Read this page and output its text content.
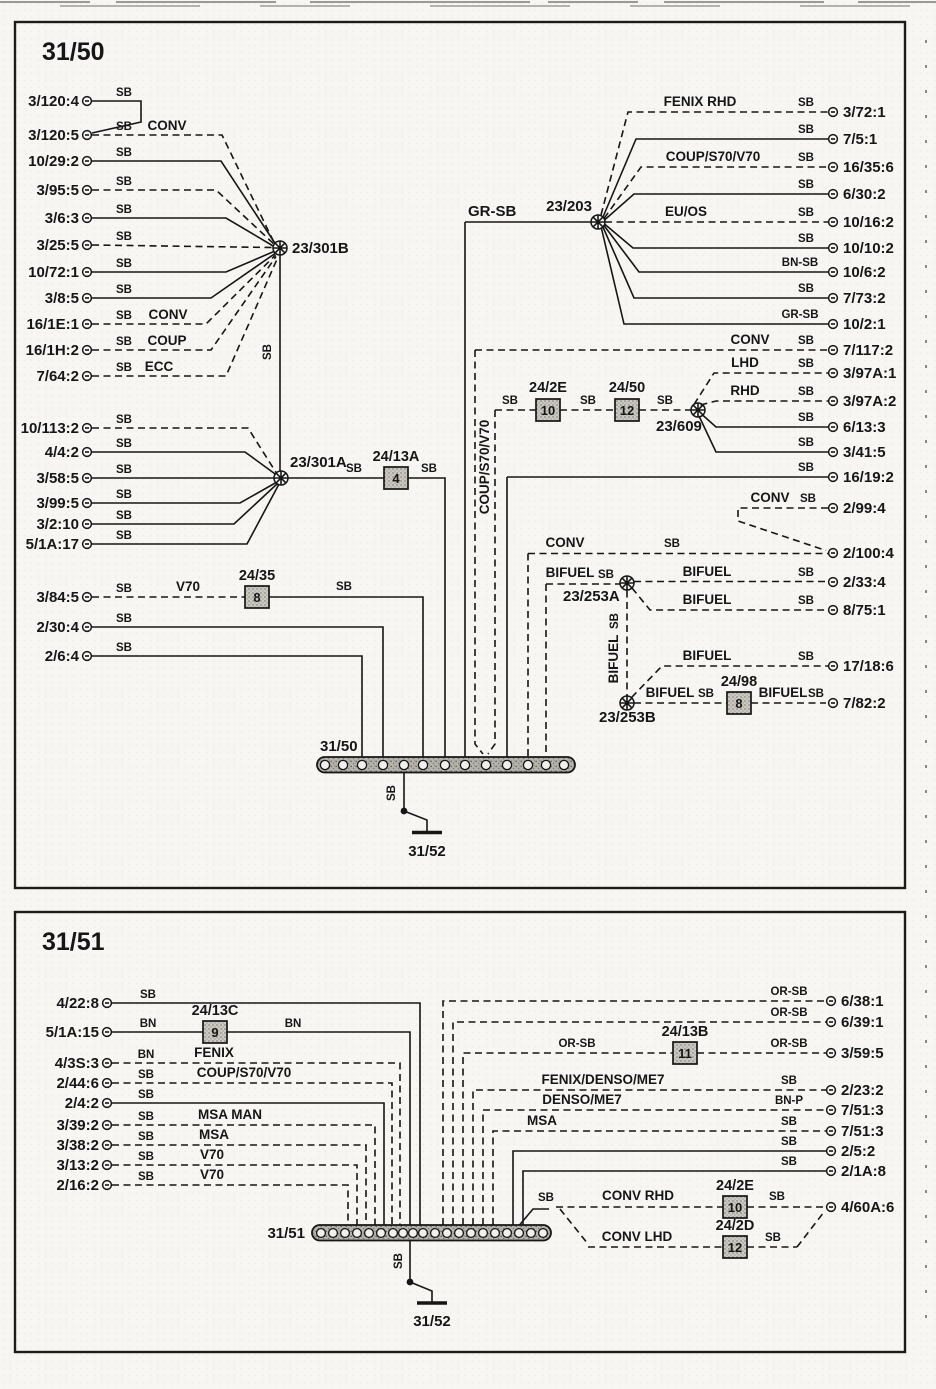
31/50
3/120:4	SB
3/120:5	SB CONV
10/29:2	SB
3/95:5	SB
3/6:3	SB
3/25:5	SB
10/72:1	SB
3/8:5	SB
16/1E:1	SB CONV
16/1H:2	SB COUP
7/64:2	SB ECC
10/113:2	SB
4/4:2	SB
3/58:5	SB
3/99:5	SB
3/2:10	SB
5/1A:17	SB
3/84:5	SB	V70
2/30:4	SB
2/6:4	SB
23/301B
23/301A
23/203
23/609
23/253A
23/253B
SB
COUP/S70/V70
SB
BIFUEL
GR-SB
FENIX RHD	SB
SB
COUP/S70/V70	SB
SB
EU/OS	SB
SB
BN-SB
SB
GR-SB
CONV SB
LHD	SB
RHD	SB
SB
SB
SB
CONV SB
CONV	SB
BIFUEL SB	BIFUEL	SB
BIFUEL	SB
BIFUEL	SB
BIFUEL SB	BIFUEL SB
SB	SB
SB
SB	SB	SB
24/13A
4
24/35
8
24/2E
10
24/50
12
24/98
8
3/72:1
7/5:1
16/35:6
6/30:2
10/16:2
10/10:2
10/6:2
7/73:2
10/2:1
7/117:2
3/97A:1
3/97A:2
6/13:3
3/41:5
16/19:2
2/99:4
2/100:4
2/33:4
8/75:1
17/18:6
7/82:2
31/50
SB
31/52
31/51
4/22:8	SB
5/1A:15	BN	BN
4/3S:3	BN	FENIX
2/44:6	SB	COUP/S70/V70
2/4:2	SB
3/39:2	SB	MSA MAN
3/38:2	SB	MSA
3/13:2	SB	V70
2/16:2	SB	V70
OR-SB
OR-SB
OR-SB	OR-SB
FENIX/DENSO/ME7	SB
DENSO/ME7	BN-P
MSA	SB
SB
SB
SB	CONV RHD	SB
CONV LHD	SB
24/13C
9	24/13B
11
24/2E
10
24/2D
12
6/38:1
6/39:1
3/59:5
2/23:2
7/51:3
7/51:3
2/5:2
2/1A:8
4/60A:6
31/51
SB
31/52
